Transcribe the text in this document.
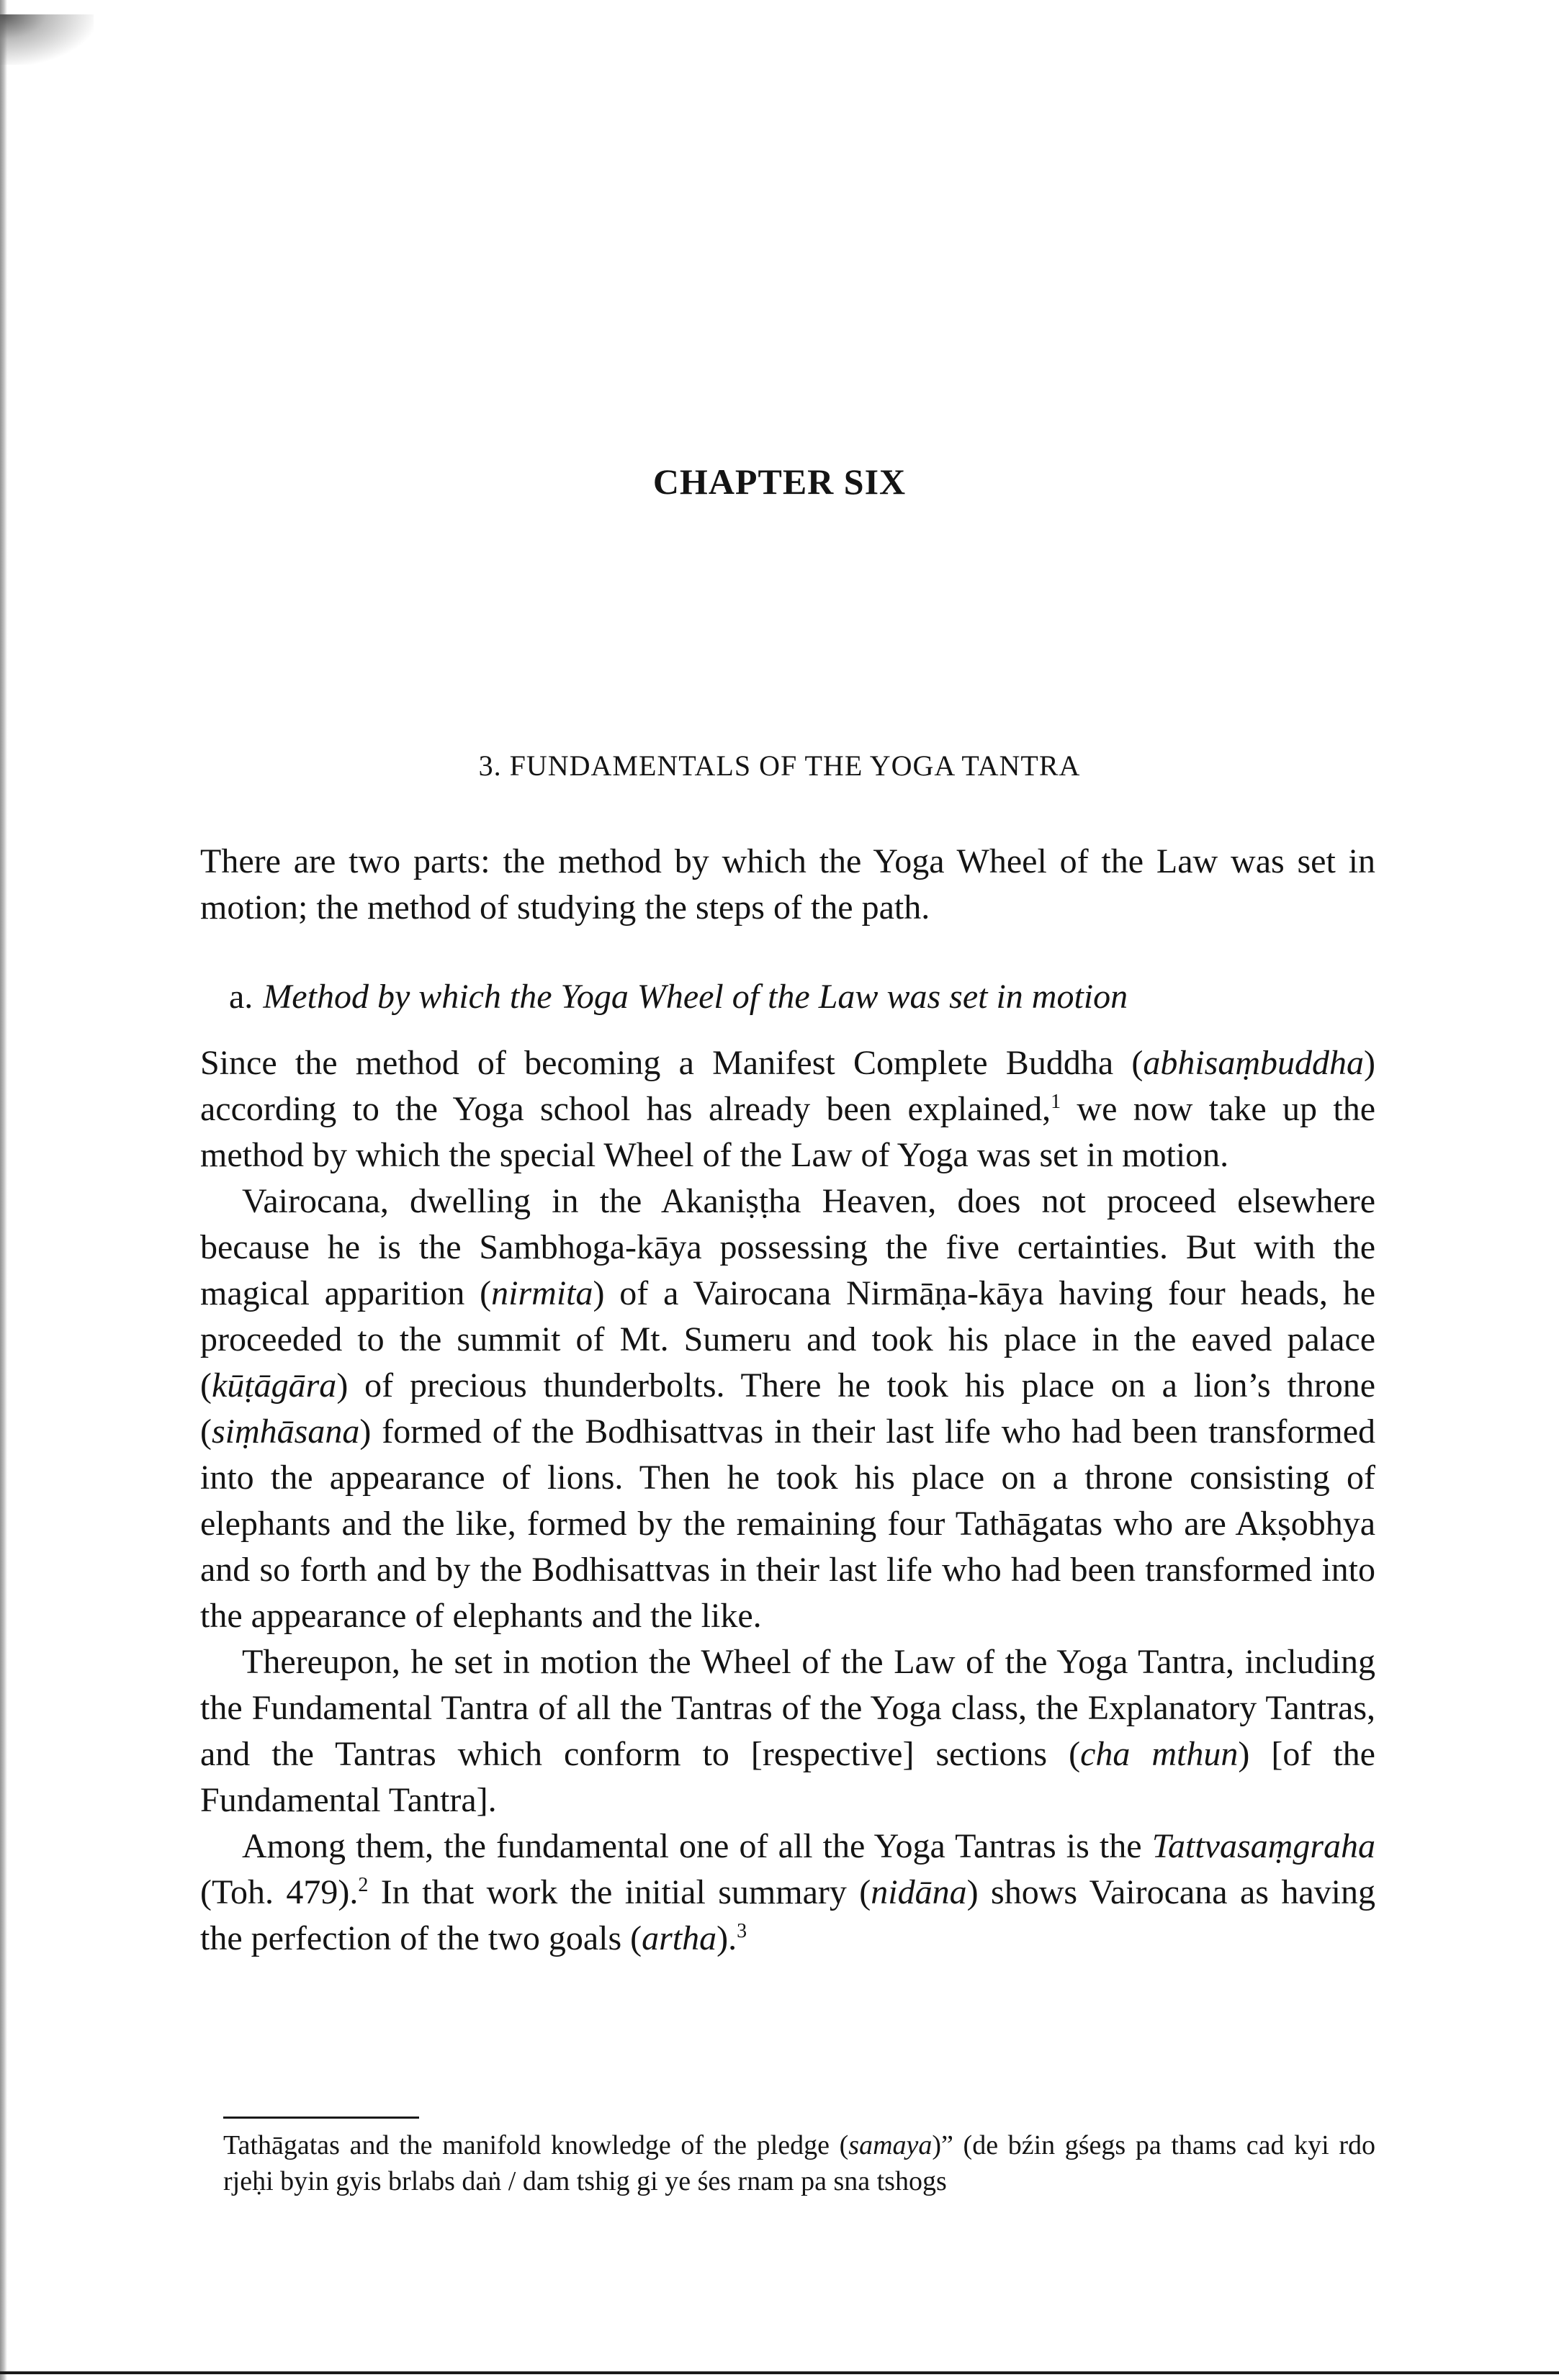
CHAPTER SIX
3. FUNDAMENTALS OF THE YOGA TANTRA

There are two parts: the method by which the Yoga Wheel of the Law was set in motion; the method of studying the steps of the path.

a. Method by which the Yoga Wheel of the Law was set in motion

Since the method of becoming a Manifest Complete Buddha (abhisaṃbuddha) according to the Yoga school has already been explained,$^1$ we now take up the method by which the special Wheel of the Law of Yoga was set in motion.

Vairocana, dwelling in the Akaniṣṭha Heaven, does not proceed elsewhere because he is the Sambhoga-kāya possessing the five certainties. But with the magical apparition (nirmita) of a Vairocana Nirmāṇa-kāya having four heads, he proceeded to the summit of Mt. Sumeru and took his place in the eaved palace (kūṭāgāra) of precious thunderbolts. There he took his place on a lion’s throne (siṃhāsana) formed of the Bodhisattvas in their last life who had been transformed into the appearance of lions. Then he took his place on a throne consisting of elephants and the like, formed by the remaining four Tathāgatas who are Akṣobhya and so forth and by the Bodhisattvas in their last life who had been transformed into the appearance of elephants and the like.

Thereupon, he set in motion the Wheel of the Law of the Yoga Tantra, including the Fundamental Tantra of all the Tantras of the Yoga class, the Explanatory Tantras, and the Tantras which conform to [respective] sections (cha mthun) [of the Fundamental Tantra].

Among them, the fundamental one of all the Yoga Tantras is the Tattvasaṃgraha (Toh. 479).$^2$ In that work the initial summary (nidāna) shows Vairocana as having the perfection of the two goals (artha).$^3$

Tathāgatas and the manifold knowledge of the pledge (samaya)” (de bźin gśegs pa thams cad kyi rdo rjeḥi byin gyis brlabs daṅ / dam tshig gi ye śes rnam pa sna tshogs
